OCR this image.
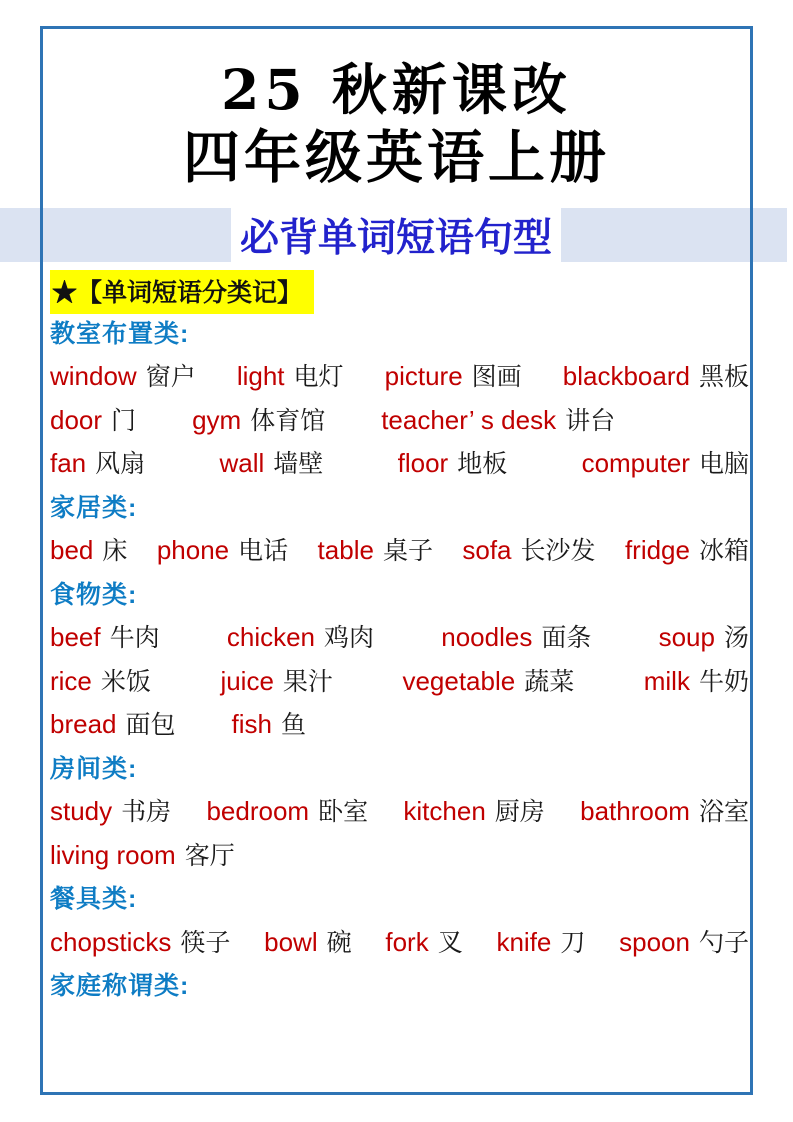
25 秋新课改
四年级英语上册
必背单词短语句型
★【单词短语分类记】
教室布置类:
window 窗户 light 电灯 picture 图画 blackboard 黑板
door 门 gym 体育馆 teacher’ s desk 讲台
fan 风扇	wall 墙壁	floor 地板	computer 电脑
家居类:
bed 床 phone 电话 table 桌子 sofa 长沙发 fridge 冰箱
食物类:
beef 牛肉	chicken 鸡肉	noodles 面条	soup 汤
rice 米饭	juice 果汁	vegetable 蔬菜	milk 牛奶
bread 面包 fish 鱼
房间类:
study 书房 bedroom 卧室 kitchen 厨房 bathroom 浴室
living room 客厅
餐具类:
chopsticks 筷子 bowl 碗 fork 叉 knife 刀 spoon 勺子
家庭称谓类:
